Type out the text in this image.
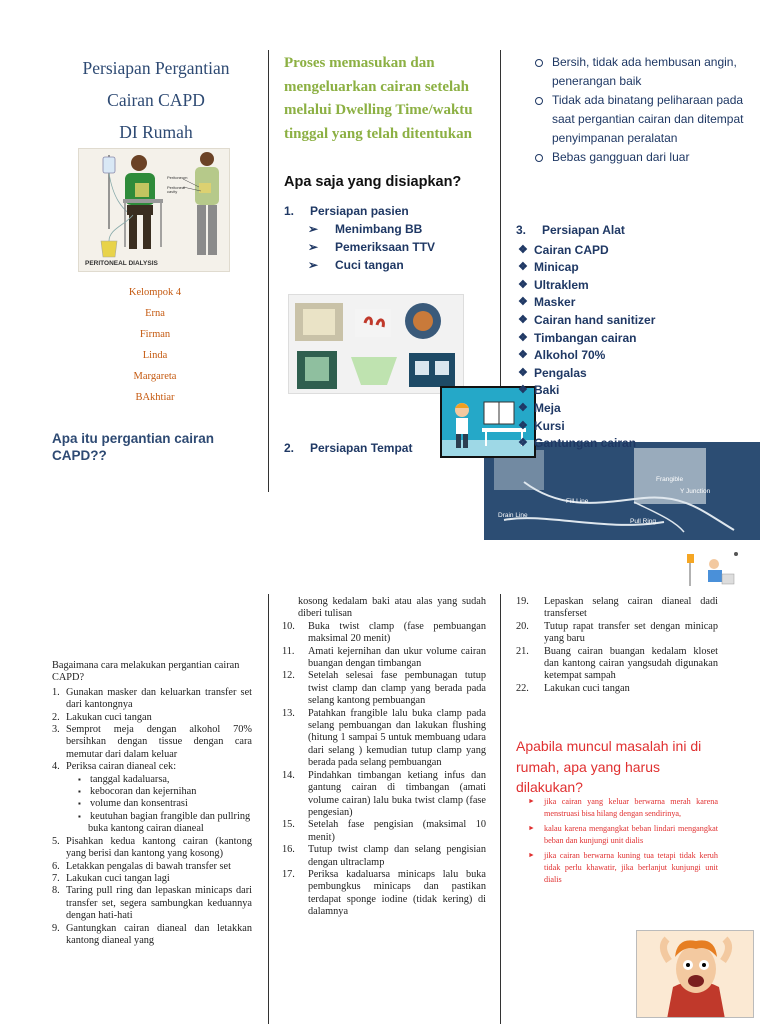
Persiapan Pergantian
Cairan CAPD
DI Rumah
Peritoneum
Peritoneal
cavity
PERITONEAL DIALYSIS
Kelompok 4
Erna
Firman
Linda
Margareta
BAkhtiar
Apa itu pergantian cairan CAPD??
Proses memasukan dan mengeluarkan cairan setelah melalui Dwelling Time/waktu tinggal yang telah ditentukan
Apa saja yang disiapkan?
1. Persiapan pasien
➢ Menimbang BB
➢ Pemeriksaan TTV
➢ Cuci tangan
2. Persiapan Tempat
Bersih, tidak ada hembusan angin, penerangan baik
Tidak ada binatang peliharaan pada saat pergantian cairan dan ditempat penyimpanan peralatan
Bebas gangguan dari luar
Frangible
Y Junction
Fill Line
Drain Line
Pull Ring
3. Persiapan Alat
❖ Cairan CAPD
❖ Minicap
❖ Ultraklem
❖ Masker
❖ Cairan hand sanitizer
❖ Timbangan cairan
❖ Alkohol 70%
❖ Pengalas
❖ Baki
❖ Meja
❖ Kursi
❖ Gantungan cairan
Bagaimana cara melakukan pergantian cairan CAPD?
1. Gunakan masker dan keluarkan transfer set dari kantongnya
2. Lakukan cuci tangan
3. Semprot meja dengan alkohol 70% bersihkan dengan tissue dengan cara memutar dari dalam keluar
4. Periksa cairan dianeal cek:
▪ tanggal kadaluarsa,
▪ kebocoran dan kejernihan
▪ volume dan konsentrasi
▪ keutuhan bagian frangible dan pullring
buka kantong cairan dianeal
5. Pisahkan kedua kantong cairan (kantong yang berisi dan kantong yang kosong)
6. Letakkan pengalas di bawah transfer set
7. Lakukan cuci tangan lagi
8. Taring pull ring dan lepaskan minicaps dari transfer set, segera sambungkan keduannya dengan hati-hati
9. Gantungkan cairan dianeal dan letakkan kantong dianeal yang
kosong kedalam baki atau alas yang sudah diberi tulisan
10. Buka twist clamp (fase pembuangan maksimal 20 menit)
11. Amati kejernihan dan ukur volume cairan buangan dengan timbangan
12. Setelah selesai fase pembunagan tutup twist clamp dan clamp yang berada pada selang kantong pembuangan
13. Patahkan frangible lalu buka clamp pada selang pembuangan dan lakukan flushing (hitung 1 sampai 5 untuk membuang udara dari selang ) kemudian tutup clamp yang berada pada selang pembuangan
14. Pindahkan timbangan ketiang infus dan gantung cairan di timbangan (amati volume cairan) lalu buka twist clamp (fase pengesian)
15. Setelah fase pengisian (maksimal 10 menit)
16. Tutup twist clamp dan selang pengisian dengan ultraclamp
17. Periksa kadaluarsa minicaps lalu buka pembungkus minicaps dan pastikan terdapat sponge iodine (tidak kering) di dalamnya
19. Lepaskan selang cairan dianeal dadi transferset
20. Tutup rapat transfer set dengan minicap yang baru
21. Buang cairan buangan kedalam kloset dan kantong cairan yangsudah digunakan ketempat sampah
22. Lakukan cuci tangan
Apabila muncul masalah ini di rumah, apa yang harus dilakukan?
► jika cairan yang keluar berwarna merah karena menstruasi bisa hilang dengan sendirinya,
► kalau karena mengangkat beban lindari mengangkat beban dan kunjungi unit dialis
► jika cairan berwarna kuning tua tetapi tidak keruh tidak perlu khawatir, jika berlanjut kunjungi unit dialis
